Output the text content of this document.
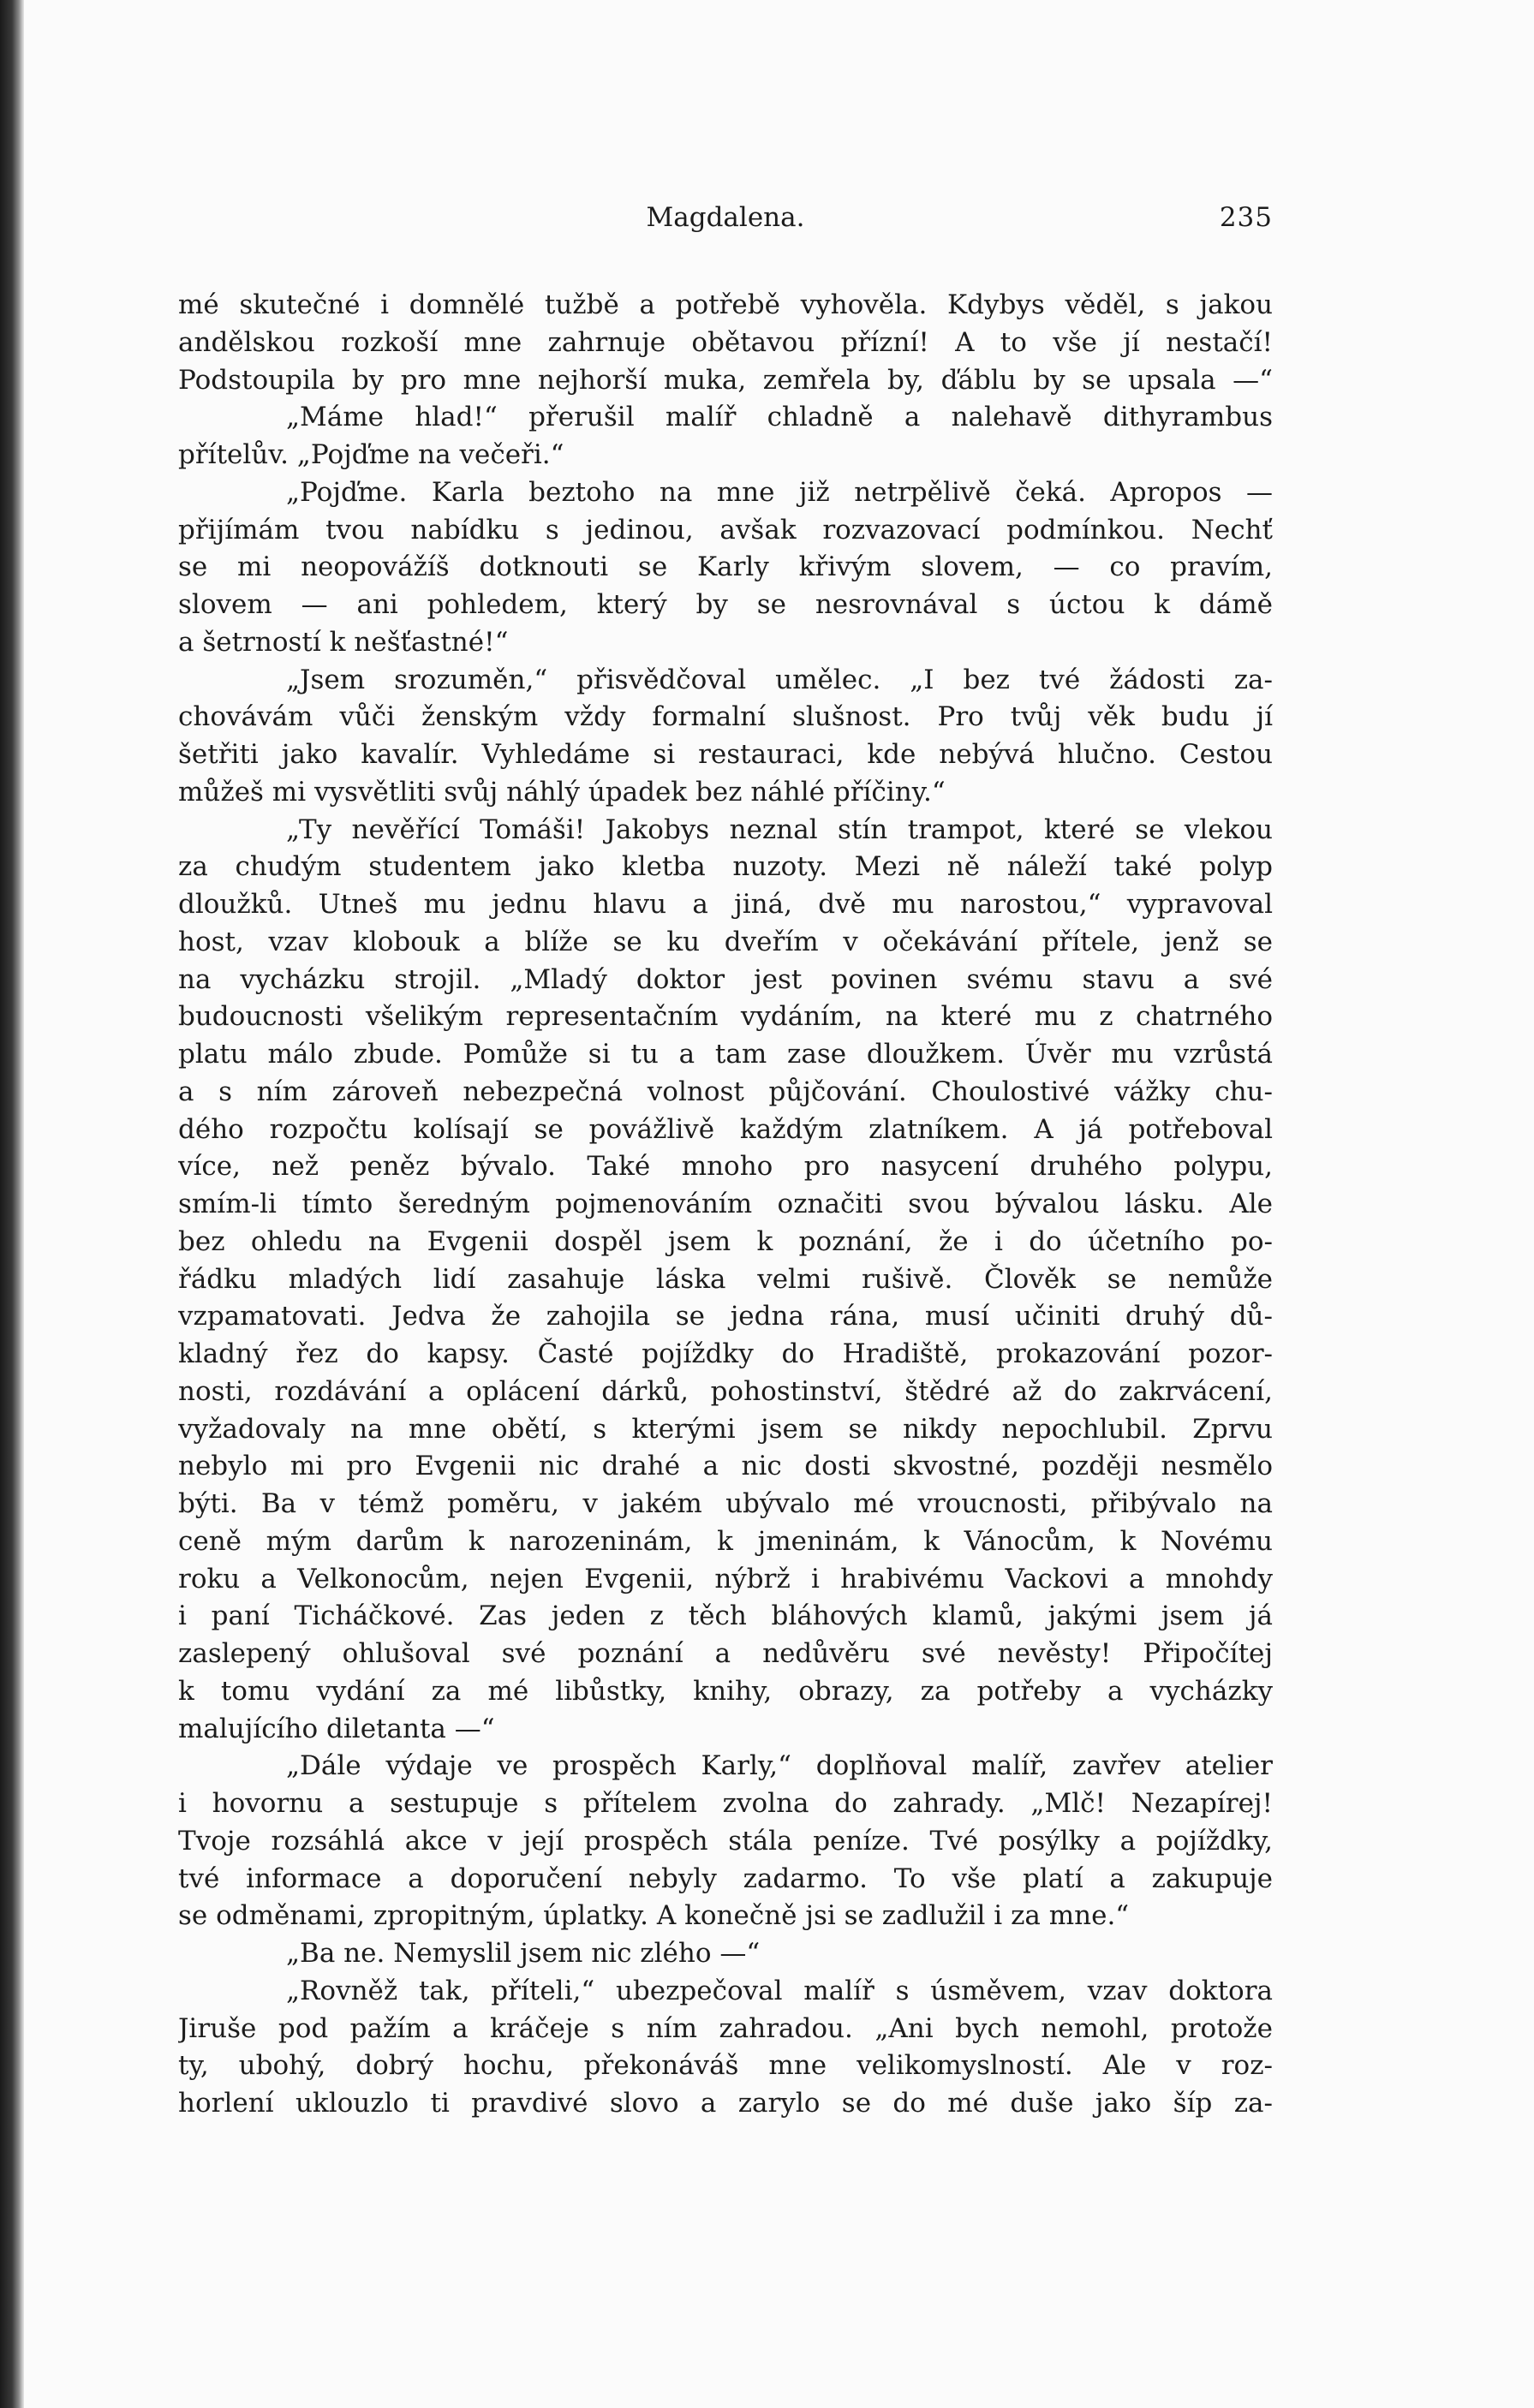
Magdalena.	235
mé skutečné i domnělé tužbě a potřebě vyhověla. Kdybys věděl, s jakou
andělskou rozkoší mne zahrnuje obětavou přízní! A to vše jí nestačí!
Podstoupila by pro mne nejhorší muka, zemřela by, ďáblu by se upsala —“
„Máme hlad!“ přerušil malíř chladně a nalehavě dithyrambus
přítelův. „Pojďme na večeři.“
„Pojďme. Karla beztoho na mne již netrpělivě čeká. Apropos —
přijímám tvou nabídku s jedinou, avšak rozvazovací podmínkou. Nechť
se mi neopovážíš dotknouti se Karly křivým slovem, — co pravím,
slovem — ani pohledem, který by se nesrovnával s úctou k dámě
a šetrností k nešťastné!“
„Jsem srozuměn,“ přisvědčoval umělec. „I bez tvé žádosti za-
chovávám vůči ženským vždy formalní slušnost. Pro tvůj věk budu jí
šetřiti jako kavalír. Vyhledáme si restauraci, kde nebývá hlučno. Cestou
můžeš mi vysvětliti svůj náhlý úpadek bez náhlé příčiny.“
„Ty nevěřící Tomáši! Jakobys neznal stín trampot, které se vlekou
za chudým studentem jako kletba nuzoty. Mezi ně náleží také polyp
dloužků. Utneš mu jednu hlavu a jiná, dvě mu narostou,“ vypravoval
host, vzav klobouk a blíže se ku dveřím v očekávání přítele, jenž se
na vycházku strojil. „Mladý doktor jest povinen svému stavu a své
budoucnosti všelikým representačním vydáním, na které mu z chatrného
platu málo zbude. Pomůže si tu a tam zase dloužkem. Úvěr mu vzrůstá
a s ním zároveň nebezpečná volnost půjčování. Choulostivé vážky chu-
dého rozpočtu kolísají se povážlivě každým zlatníkem. A já potřeboval
více, než peněz bývalo. Také mnoho pro nasycení druhého polypu,
smím-li tímto šeredným pojmenováním označiti svou bývalou lásku. Ale
bez ohledu na Evgenii dospěl jsem k poznání, že i do účetního po-
řádku mladých lidí zasahuje láska velmi rušivě. Člověk se nemůže
vzpamatovati. Jedva že zahojila se jedna rána, musí učiniti druhý dů-
kladný řez do kapsy. Časté pojíždky do Hradiště, prokazování pozor-
nosti, rozdávání a oplácení dárků, pohostinství, štědré až do zakrvácení,
vyžadovaly na mne obětí, s kterými jsem se nikdy nepochlubil. Zprvu
nebylo mi pro Evgenii nic drahé a nic dosti skvostné, později nesmělo
býti. Ba v témž poměru, v jakém ubývalo mé vroucnosti, přibývalo na
ceně mým darům k narozeninám, k jmeninám, k Vánocům, k Novému
roku a Velkonocům, nejen Evgenii, nýbrž i hrabivému Vackovi a mnohdy
i paní Ticháčkové. Zas jeden z těch bláhových klamů, jakými jsem já
zaslepený ohlušoval své poznání a nedůvěru své nevěsty! Připočítej
k tomu vydání za mé libůstky, knihy, obrazy, za potřeby a vycházky
malujícího diletanta —“
„Dále výdaje ve prospěch Karly,“ doplňoval malíř, zavřev atelier
i hovornu a sestupuje s přítelem zvolna do zahrady. „Mlč! Nezapírej!
Tvoje rozsáhlá akce v její prospěch stála peníze. Tvé posýlky a pojíždky,
tvé informace a doporučení nebyly zadarmo. To vše platí a zakupuje
se odměnami, zpropitným, úplatky. A konečně jsi se zadlužil i za mne.“
„Ba ne. Nemyslil jsem nic zlého —“
„Rovněž tak, příteli,“ ubezpečoval malíř s úsměvem, vzav doktora
Jiruše pod pažím a kráčeje s ním zahradou. „Ani bych nemohl, protože
ty, ubohý, dobrý hochu, překonáváš mne velikomyslností. Ale v roz-
horlení uklouzlo ti pravdivé slovo a zarylo se do mé duše jako šíp za-
